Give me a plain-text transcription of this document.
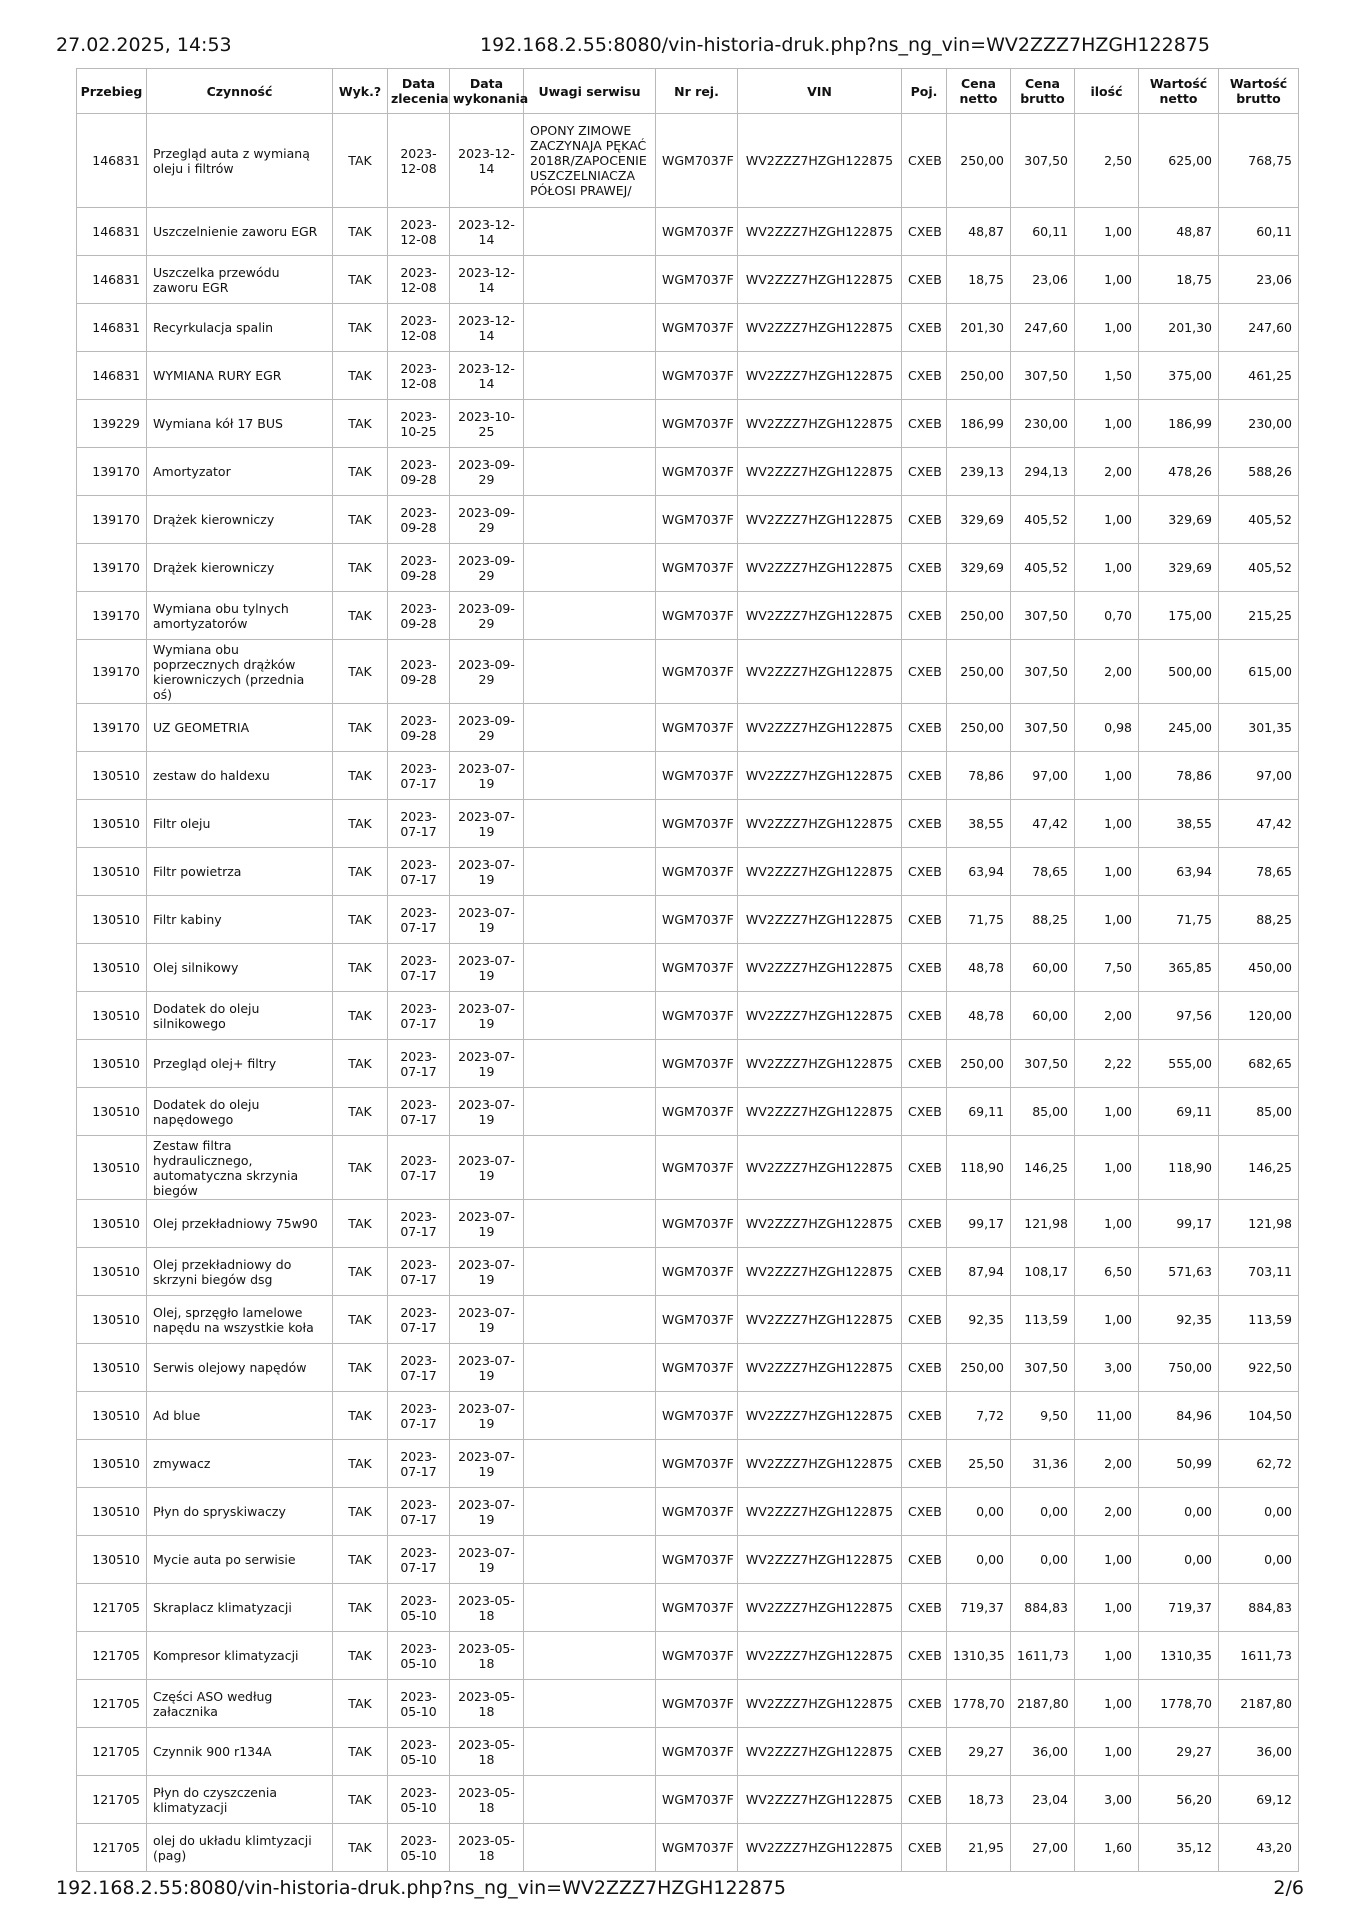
27.02.2025, 14:53	192.168.2.55:8080/vin-historia-druk.php?ns_ng_vin=WV2ZZZ7HZGH122875
Przebieg	Czynność	Wyk.?	Data zlecenia	Data wykonania	Uwagi serwisu	Nr rej.	VIN	Poj.	Cena netto	Cena brutto	ilość	Wartość netto	Wartość brutto
146831	Przegląd auta z wymianą oleju i filtrów	TAK	2023-12-08	2023-12-14	OPONY ZIMOWE ZACZYNAJA PĘKAĆ 2018R/ZAPOCENIE USZCZELNIACZA PÓŁOSI PRAWEJ/	WGM7037F	WV2ZZZ7HZGH122875	CXEB	250,00	307,50	2,50	625,00	768,75
146831	Uszczelnienie zaworu EGR	TAK	2023-12-08	2023-12-14		WGM7037F	WV2ZZZ7HZGH122875	CXEB	48,87	60,11	1,00	48,87	60,11
146831	Uszczelka przewódu zaworu EGR	TAK	2023-12-08	2023-12-14		WGM7037F	WV2ZZZ7HZGH122875	CXEB	18,75	23,06	1,00	18,75	23,06
146831	Recyrkulacja spalin	TAK	2023-12-08	2023-12-14		WGM7037F	WV2ZZZ7HZGH122875	CXEB	201,30	247,60	1,00	201,30	247,60
146831	WYMIANA RURY EGR	TAK	2023-12-08	2023-12-14		WGM7037F	WV2ZZZ7HZGH122875	CXEB	250,00	307,50	1,50	375,00	461,25
139229	Wymiana kół 17 BUS	TAK	2023-10-25	2023-10-25		WGM7037F	WV2ZZZ7HZGH122875	CXEB	186,99	230,00	1,00	186,99	230,00
139170	Amortyzator	TAK	2023-09-28	2023-09-29		WGM7037F	WV2ZZZ7HZGH122875	CXEB	239,13	294,13	2,00	478,26	588,26
139170	Drążek kierowniczy	TAK	2023-09-28	2023-09-29		WGM7037F	WV2ZZZ7HZGH122875	CXEB	329,69	405,52	1,00	329,69	405,52
139170	Drążek kierowniczy	TAK	2023-09-28	2023-09-29		WGM7037F	WV2ZZZ7HZGH122875	CXEB	329,69	405,52	1,00	329,69	405,52
139170	Wymiana obu tylnych amortyzatorów	TAK	2023-09-28	2023-09-29		WGM7037F	WV2ZZZ7HZGH122875	CXEB	250,00	307,50	0,70	175,00	215,25
139170	Wymiana obu poprzecznych drążków kierowniczych (przednia oś)	TAK	2023-09-28	2023-09-29		WGM7037F	WV2ZZZ7HZGH122875	CXEB	250,00	307,50	2,00	500,00	615,00
139170	UZ GEOMETRIA	TAK	2023-09-28	2023-09-29		WGM7037F	WV2ZZZ7HZGH122875	CXEB	250,00	307,50	0,98	245,00	301,35
130510	zestaw do haldexu	TAK	2023-07-17	2023-07-19		WGM7037F	WV2ZZZ7HZGH122875	CXEB	78,86	97,00	1,00	78,86	97,00
130510	Filtr oleju	TAK	2023-07-17	2023-07-19		WGM7037F	WV2ZZZ7HZGH122875	CXEB	38,55	47,42	1,00	38,55	47,42
130510	Filtr powietrza	TAK	2023-07-17	2023-07-19		WGM7037F	WV2ZZZ7HZGH122875	CXEB	63,94	78,65	1,00	63,94	78,65
130510	Filtr kabiny	TAK	2023-07-17	2023-07-19		WGM7037F	WV2ZZZ7HZGH122875	CXEB	71,75	88,25	1,00	71,75	88,25
130510	Olej silnikowy	TAK	2023-07-17	2023-07-19		WGM7037F	WV2ZZZ7HZGH122875	CXEB	48,78	60,00	7,50	365,85	450,00
130510	Dodatek do oleju silnikowego	TAK	2023-07-17	2023-07-19		WGM7037F	WV2ZZZ7HZGH122875	CXEB	48,78	60,00	2,00	97,56	120,00
130510	Przegląd olej+ filtry	TAK	2023-07-17	2023-07-19		WGM7037F	WV2ZZZ7HZGH122875	CXEB	250,00	307,50	2,22	555,00	682,65
130510	Dodatek do oleju napędowego	TAK	2023-07-17	2023-07-19		WGM7037F	WV2ZZZ7HZGH122875	CXEB	69,11	85,00	1,00	69,11	85,00
130510	Zestaw filtra hydraulicznego, automatyczna skrzynia biegów	TAK	2023-07-17	2023-07-19		WGM7037F	WV2ZZZ7HZGH122875	CXEB	118,90	146,25	1,00	118,90	146,25
130510	Olej przekładniowy 75w90	TAK	2023-07-17	2023-07-19		WGM7037F	WV2ZZZ7HZGH122875	CXEB	99,17	121,98	1,00	99,17	121,98
130510	Olej przekładniowy do skrzyni biegów dsg	TAK	2023-07-17	2023-07-19		WGM7037F	WV2ZZZ7HZGH122875	CXEB	87,94	108,17	6,50	571,63	703,11
130510	Olej, sprzęgło lamelowe napędu na wszystkie koła	TAK	2023-07-17	2023-07-19		WGM7037F	WV2ZZZ7HZGH122875	CXEB	92,35	113,59	1,00	92,35	113,59
130510	Serwis olejowy napędów	TAK	2023-07-17	2023-07-19		WGM7037F	WV2ZZZ7HZGH122875	CXEB	250,00	307,50	3,00	750,00	922,50
130510	Ad blue	TAK	2023-07-17	2023-07-19		WGM7037F	WV2ZZZ7HZGH122875	CXEB	7,72	9,50	11,00	84,96	104,50
130510	zmywacz	TAK	2023-07-17	2023-07-19		WGM7037F	WV2ZZZ7HZGH122875	CXEB	25,50	31,36	2,00	50,99	62,72
130510	Płyn do spryskiwaczy	TAK	2023-07-17	2023-07-19		WGM7037F	WV2ZZZ7HZGH122875	CXEB	0,00	0,00	2,00	0,00	0,00
130510	Mycie auta po serwisie	TAK	2023-07-17	2023-07-19		WGM7037F	WV2ZZZ7HZGH122875	CXEB	0,00	0,00	1,00	0,00	0,00
121705	Skraplacz klimatyzacji	TAK	2023-05-10	2023-05-18		WGM7037F	WV2ZZZ7HZGH122875	CXEB	719,37	884,83	1,00	719,37	884,83
121705	Kompresor klimatyzacji	TAK	2023-05-10	2023-05-18		WGM7037F	WV2ZZZ7HZGH122875	CXEB	1310,35	1611,73	1,00	1310,35	1611,73
121705	Części ASO według załacznika	TAK	2023-05-10	2023-05-18		WGM7037F	WV2ZZZ7HZGH122875	CXEB	1778,70	2187,80	1,00	1778,70	2187,80
121705	Czynnik 900 r134A	TAK	2023-05-10	2023-05-18		WGM7037F	WV2ZZZ7HZGH122875	CXEB	29,27	36,00	1,00	29,27	36,00
121705	Płyn do czyszczenia klimatyzacji	TAK	2023-05-10	2023-05-18		WGM7037F	WV2ZZZ7HZGH122875	CXEB	18,73	23,04	3,00	56,20	69,12
121705	olej do układu klimtyzacji (pag)	TAK	2023-05-10	2023-05-18		WGM7037F	WV2ZZZ7HZGH122875	CXEB	21,95	27,00	1,60	35,12	43,20
192.168.2.55:8080/vin-historia-druk.php?ns_ng_vin=WV2ZZZ7HZGH122875	2/6
